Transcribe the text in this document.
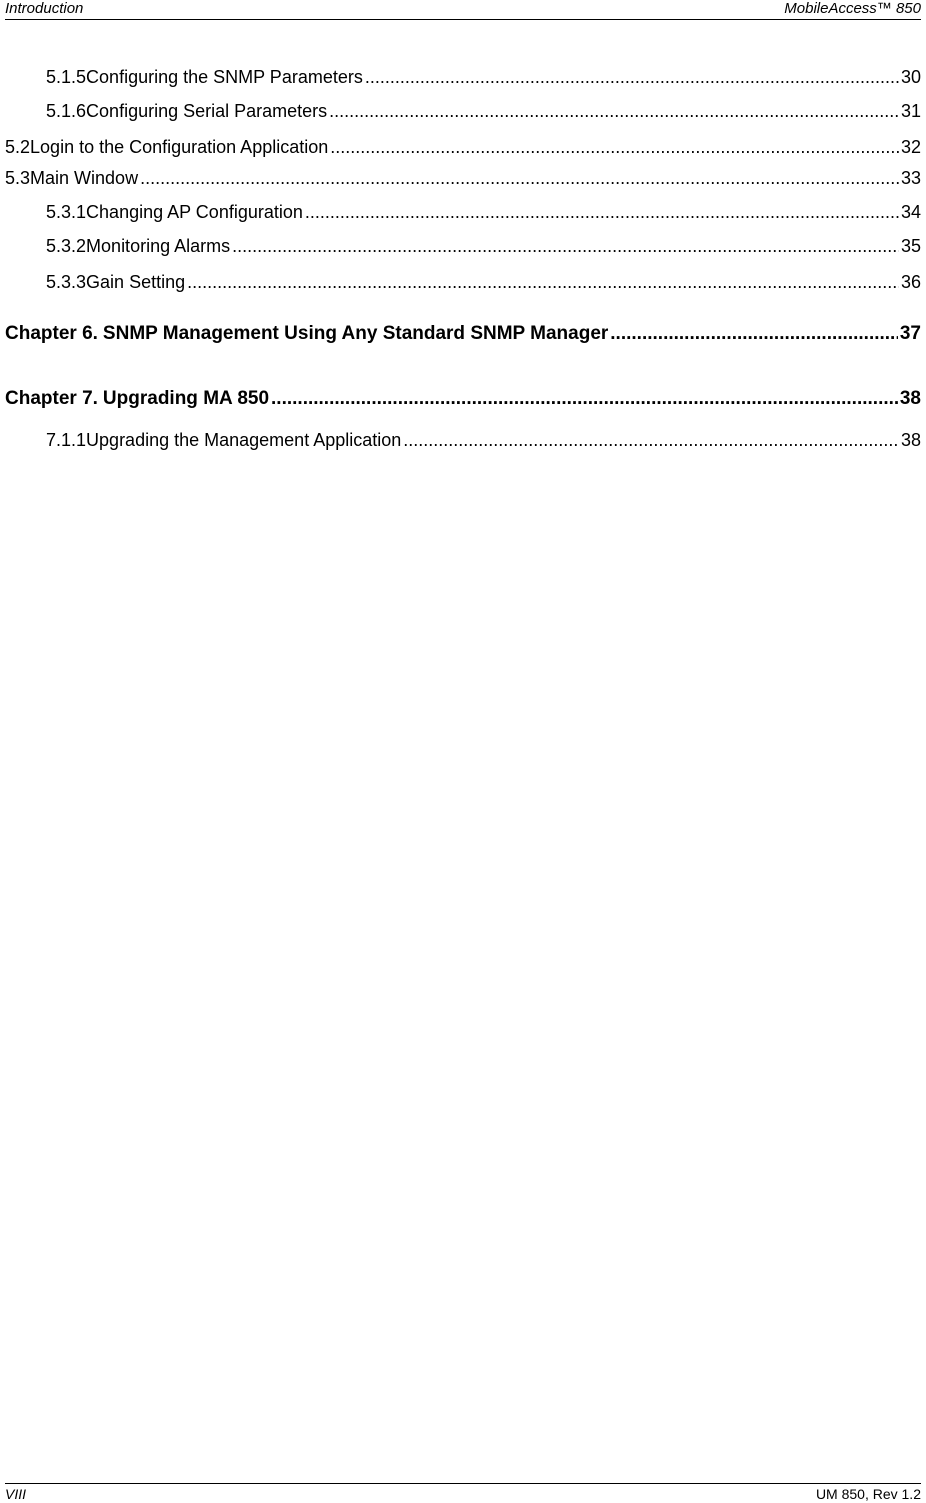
Introduction	MobileAccess™ 850
5.1.5 Configuring the SNMP Parameters .....	30
5.1.6 Configuring Serial Parameters .....	31
5.2 Login to the Configuration Application .....	32
5.3 Main Window .....	33
5.3.1 Changing AP Configuration .....	34
5.3.2 Monitoring Alarms .....	35
5.3.3 Gain Setting .....	36
Chapter 6. SNMP Management Using Any Standard SNMP Manager .....	37
Chapter 7. Upgrading MA 850 .....	38
7.1.1 Upgrading the Management Application .....	38
VIII	UM 850, Rev 1.2
